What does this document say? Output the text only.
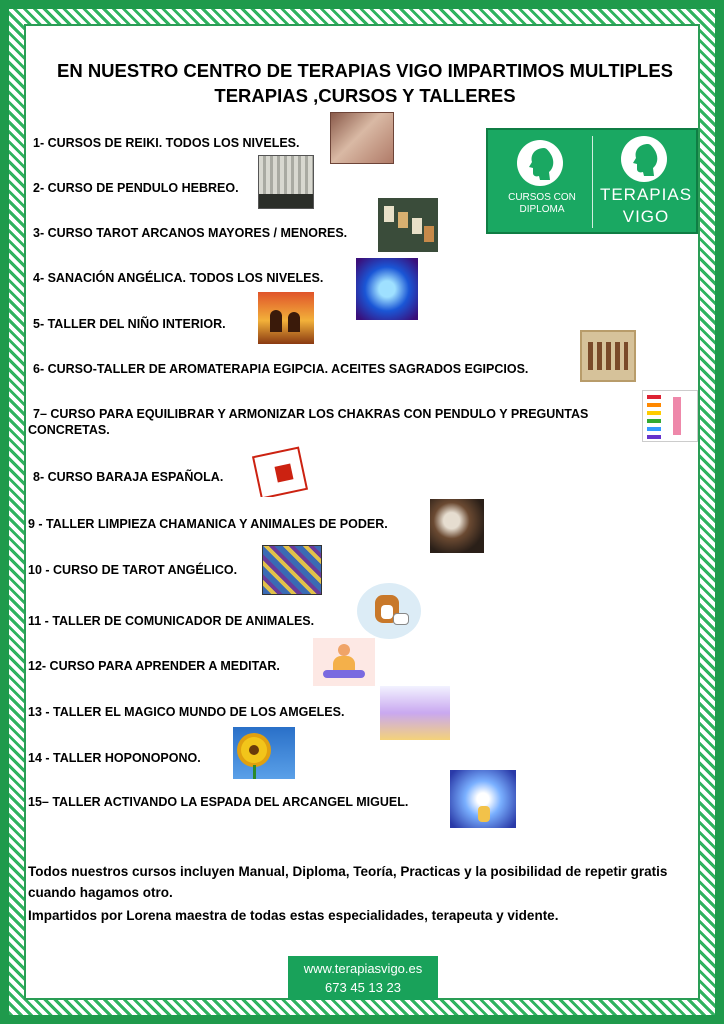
EN NUESTRO CENTRO DE TERAPIAS VIGO IMPARTIMOS MULTIPLES
TERAPIAS ,CURSOS Y TALLERES
CURSOS CON
DIPLOMA
TERAPIAS
VIGO
1- CURSOS DE REIKI. TODOS LOS NIVELES.
2- CURSO DE PENDULO HEBREO.
3- CURSO TAROT ARCANOS MAYORES / MENORES.
4- SANACIÓN ANGÉLICA. TODOS LOS NIVELES.
5- TALLER DEL NIÑO INTERIOR.
6- CURSO-TALLER DE AROMATERAPIA EGIPCIA. ACEITES SAGRADOS EGIPCIOS.
7– CURSO PARA EQUILIBRAR Y ARMONIZAR LOS CHAKRAS CON PENDULO Y PREGUNTAS CONCRETAS.
8- CURSO BARAJA ESPAÑOLA.
9 - TALLER LIMPIEZA CHAMANICA Y ANIMALES DE PODER.
10 - CURSO DE TAROT ANGÉLICO.
11 - TALLER DE COMUNICADOR DE ANIMALES.
12- CURSO PARA APRENDER A MEDITAR.
13 - TALLER EL MAGICO MUNDO DE LOS AMGELES.
14 - TALLER HOPONOPONO.
15– TALLER ACTIVANDO LA ESPADA DEL ARCANGEL MIGUEL.
Todos nuestros cursos incluyen Manual, Diploma, Teoría, Practicas y la posibilidad de repetir gratis cuando hagamos otro.
Impartidos por Lorena maestra de todas estas especialidades, terapeuta y vidente.
www.terapiasvigo.es
673 45 13 23
